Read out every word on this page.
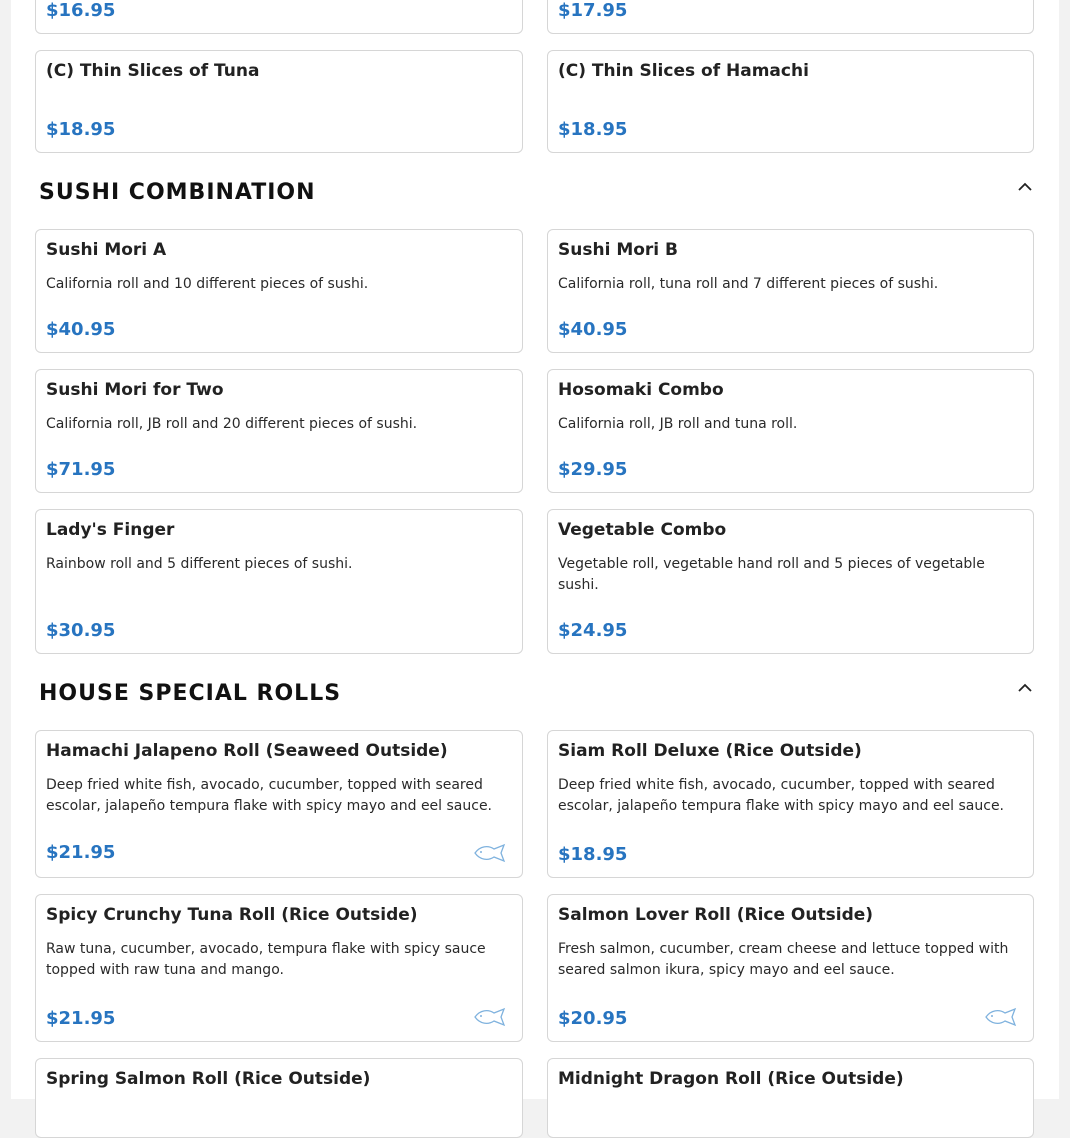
$16.95	$17.95
(C) Thin Slices of Tuna
$18.95
(C) Thin Slices of Hamachi
$18.95
SUSHI COMBINATION
Sushi Mori A
California roll and 10 different pieces of sushi.
$40.95
Sushi Mori B
California roll, tuna roll and 7 different pieces of sushi.
$40.95
Sushi Mori for Two
California roll, JB roll and 20 different pieces of sushi.
$71.95
Hosomaki Combo
California roll, JB roll and tuna roll.
$29.95
Lady's Finger
Rainbow roll and 5 different pieces of sushi.
$30.95
Vegetable Combo
Vegetable roll, vegetable hand roll and 5 pieces of vegetable sushi.
$24.95
HOUSE SPECIAL ROLLS
Hamachi Jalapeno Roll (Seaweed Outside)
Deep fried white fish, avocado, cucumber, topped with seared escolar, jalapeño tempura flake with spicy mayo and eel sauce.
$21.95
Siam Roll Deluxe (Rice Outside)
Deep fried white fish, avocado, cucumber, topped with seared escolar, jalapeño tempura flake with spicy mayo and eel sauce.
$18.95
Spicy Crunchy Tuna Roll (Rice Outside)
Raw tuna, cucumber, avocado, tempura flake with spicy sauce topped with raw tuna and mango.
$21.95
Salmon Lover Roll (Rice Outside)
Fresh salmon, cucumber, cream cheese and lettuce topped with seared salmon ikura, spicy mayo and eel sauce.
$20.95
Spring Salmon Roll (Rice Outside)	Midnight Dragon Roll (Rice Outside)
